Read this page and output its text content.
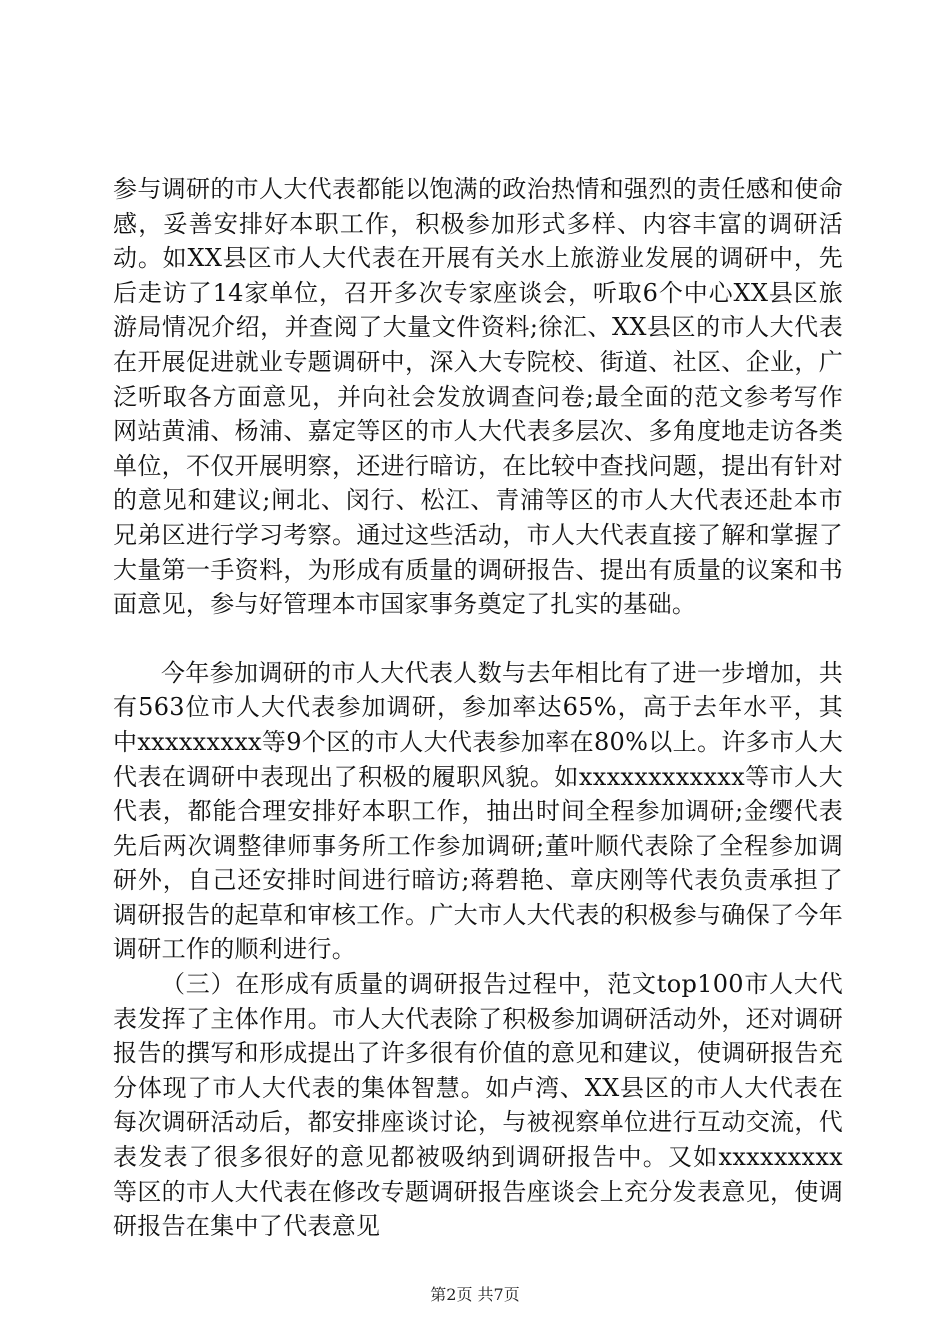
参与调研的市人大代表都能以饱满的政治热情和强烈的责任感和使命感，妥善安排好本职工作，积极参加形式多样、内容丰富的调研活动。如XX县区市人大代表在开展有关水上旅游业发展的调研中，先后走访了14家单位，召开多次专家座谈会，听取6个中心XX县区旅游局情况介绍，并查阅了大量文件资料;徐汇、XX县区的市人大代表在开展促进就业专题调研中，深入大专院校、街道、社区、企业，广泛听取各方面意见，并向社会发放调查问卷;最全面的范文参考写作网站黄浦、杨浦、嘉定等区的市人大代表多层次、多角度地走访各类单位，不仅开展明察，还进行暗访，在比较中查找问题，提出有针对的意见和建议;闸北、闵行、松江、青浦等区的市人大代表还赴本市兄弟区进行学习考察。通过这些活动，市人大代表直接了解和掌握了大量第一手资料，为形成有质量的调研报告、提出有质量的议案和书面意见，参与好管理本市国家事务奠定了扎实的基础。

今年参加调研的市人大代表人数与去年相比有了进一步增加，共有563位市人大代表参加调研，参加率达65%，高于去年水平，其中xxxxxxxxx等9个区的市人大代表参加率在80%以上。许多市人大代表在调研中表现出了积极的履职风貌。如xxxxxxxxxxxx等市人大代表，都能合理安排好本职工作，抽出时间全程参加调研;金缨代表先后两次调整律师事务所工作参加调研;董叶顺代表除了全程参加调研外，自己还安排时间进行暗访;蒋碧艳、章庆刚等代表负责承担了调研报告的起草和审核工作。广大市人大代表的积极参与确保了今年调研工作的顺利进行。

（三）在形成有质量的调研报告过程中，范文top100市人大代表发挥了主体作用。市人大代表除了积极参加调研活动外，还对调研报告的撰写和形成提出了许多很有价值的意见和建议，使调研报告充分体现了市人大代表的集体智慧。如卢湾、XX县区的市人大代表在每次调研活动后，都安排座谈讨论，与被视察单位进行互动交流，代表发表了很多很好的意见都被吸纳到调研报告中。又如xxxxxxxxx等区的市人大代表在修改专题调研报告座谈会上充分发表意见，使调研报告在集中了代表意见

第2页 共7页
